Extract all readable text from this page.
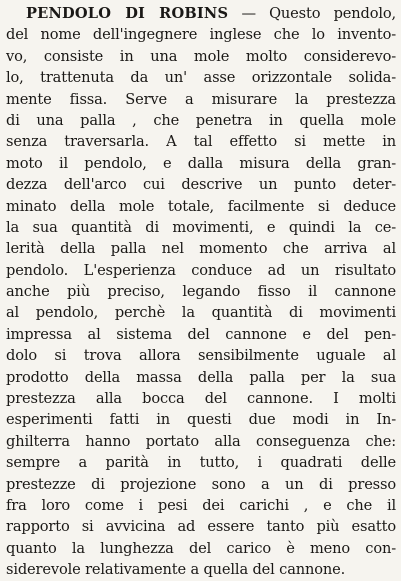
PENDOLO DI ROBINS — Questo pendolo,
del nome dell'ingegnere inglese che lo invento-
vo, consiste in una mole molto considerevo-
lo, trattenuta da un' asse orizzontale solida-
mente fissa. Serve a misurare la prestezza
di una palla , che penetra in quella mole
senza traversarla. A tal effetto si mette in
moto il pendolo, e dalla misura della gran-
dezza dell'arco cui descrive un punto deter-
minato della mole totale, facilmente si deduce
la sua quantità di movimenti, e quindi la ce-
lerità della palla nel momento che arriva al
pendolo. L'esperienza conduce ad un risultato
anche più preciso, legando fisso il cannone
al pendolo, perchè la quantità di movimenti
impressa al sistema del cannone e del pen-
dolo si trova allora sensibilmente uguale al
prodotto della massa della palla per la sua
prestezza alla bocca del cannone. I molti
esperimenti fatti in questi due modi in In-
ghilterra hanno portato alla conseguenza che:
sempre a parità in tutto, i quadrati delle
prestezze di projezione sono a un di presso
fra loro come i pesi dei carichi , e che il
rapporto si avvicina ad essere tanto più esatto
quanto la lunghezza del carico è meno con-
siderevole relativamente a quella del cannone.
